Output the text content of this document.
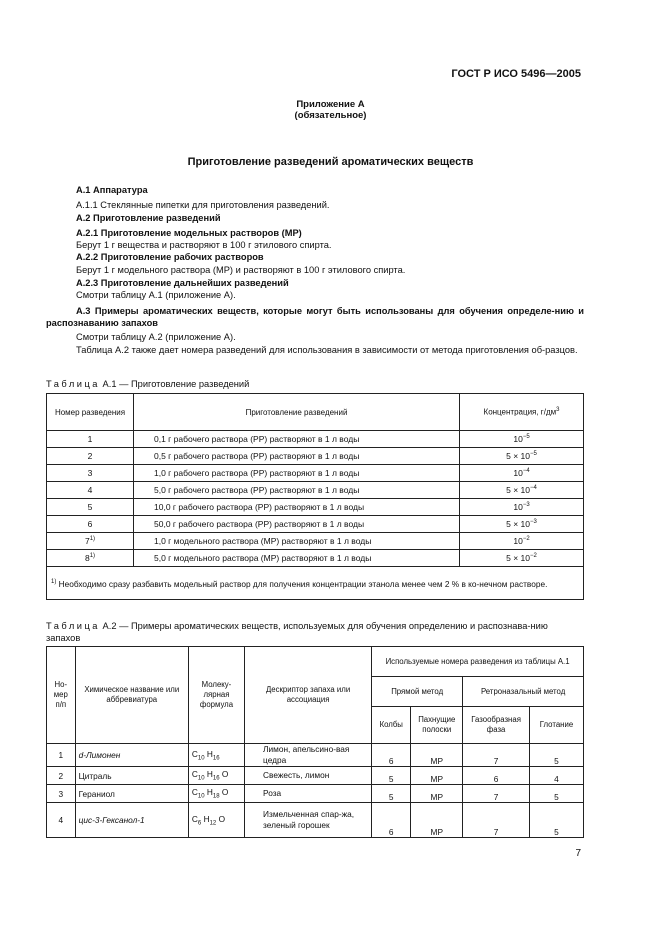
ГОСТ Р ИСО 5496—2005
Приложение А
(обязательное)
Приготовление разведений ароматических веществ
А.1 Аппаратура
А.1.1 Стеклянные пипетки для приготовления разведений.
А.2 Приготовление разведений
А.2.1 Приготовление модельных растворов (МР)
Берут 1 г вещества и растворяют в 100 г этилового спирта.
А.2.2 Приготовление рабочих растворов
Берут 1 г модельного раствора (МР) и растворяют в 100 г этилового спирта.
А.2.3 Приготовление дальнейших разведений
Смотри таблицу А.1 (приложение А).
А.3 Примеры ароматических веществ, которые могут быть использованы для обучения определе-нию и распознаванию запахов
Смотри таблицу А.2 (приложение А).
Таблица А.2 также дает номера разведений для использования в зависимости от метода приготовления об-разцов.
Таблица А.1 — Приготовление разведений
Номер разведения	Приготовление разведений	Концентрация, $г/дм^3$
1	0,1 г рабочего раствора (РР) растворяют в 1 л воды	$10^{-5}$
2	0,5 г рабочего раствора (РР) растворяют в 1 л воды	$5 \times 10^{-5}$
3	1,0 г рабочего раствора (РР) растворяют в 1 л воды	$10^{-4}$
4	5,0 г рабочего раствора (РР) растворяют в 1 л воды	$5 \times 10^{-4}$
5	10,0 г рабочего раствора (РР) растворяют в 1 л воды	$10^{-3}$
6	50,0 г рабочего раствора (РР) растворяют в 1 л воды	$5 \times 10^{-3}$
7$^{1)}$	1,0 г модельного раствора (МР) растворяют в 1 л воды	$10^{-2}$
8$^{1)}$	5,0 г модельного раствора (МР) растворяют в 1 л воды	$5 \times 10^{-2}$
$^{1)}$ Необходимо сразу разбавить модельный раствор для получения концентрации этанола менее чем 2 % в ко-нечном растворе.		
Таблица А.2 — Примеры ароматических веществ, используемых для обучения определению и распознава-нию запахов
Но-мер п/п	Химическое название или аббревиатура	Молеку-лярная формула	Дескриптор запаха или ассоциация	Используемые номера разведения из таблицы А.1			
				Прямой метод		Ретроназальный метод	
				Колбы	Пахнущие полоски	Газообразная фаза	Глотание
1	d-Лимонен	$C_{10}$ $H_{16}$	Лимон, апельсино-вая цедра	6	МР	7	5
2	Цитраль	$C_{10}$ $H_{16}$ O	Свежесть, лимон	5	МР	6	4
3	Гераниол	$C_{10}$ $H_{18}$ O	Роза	5	МР	7	5
4	цис-3-Гексанол-1	$C_6$ $H_{12}$ O	Измельченная спар-жа, зеленый горошек	6	МР	7	5
7
